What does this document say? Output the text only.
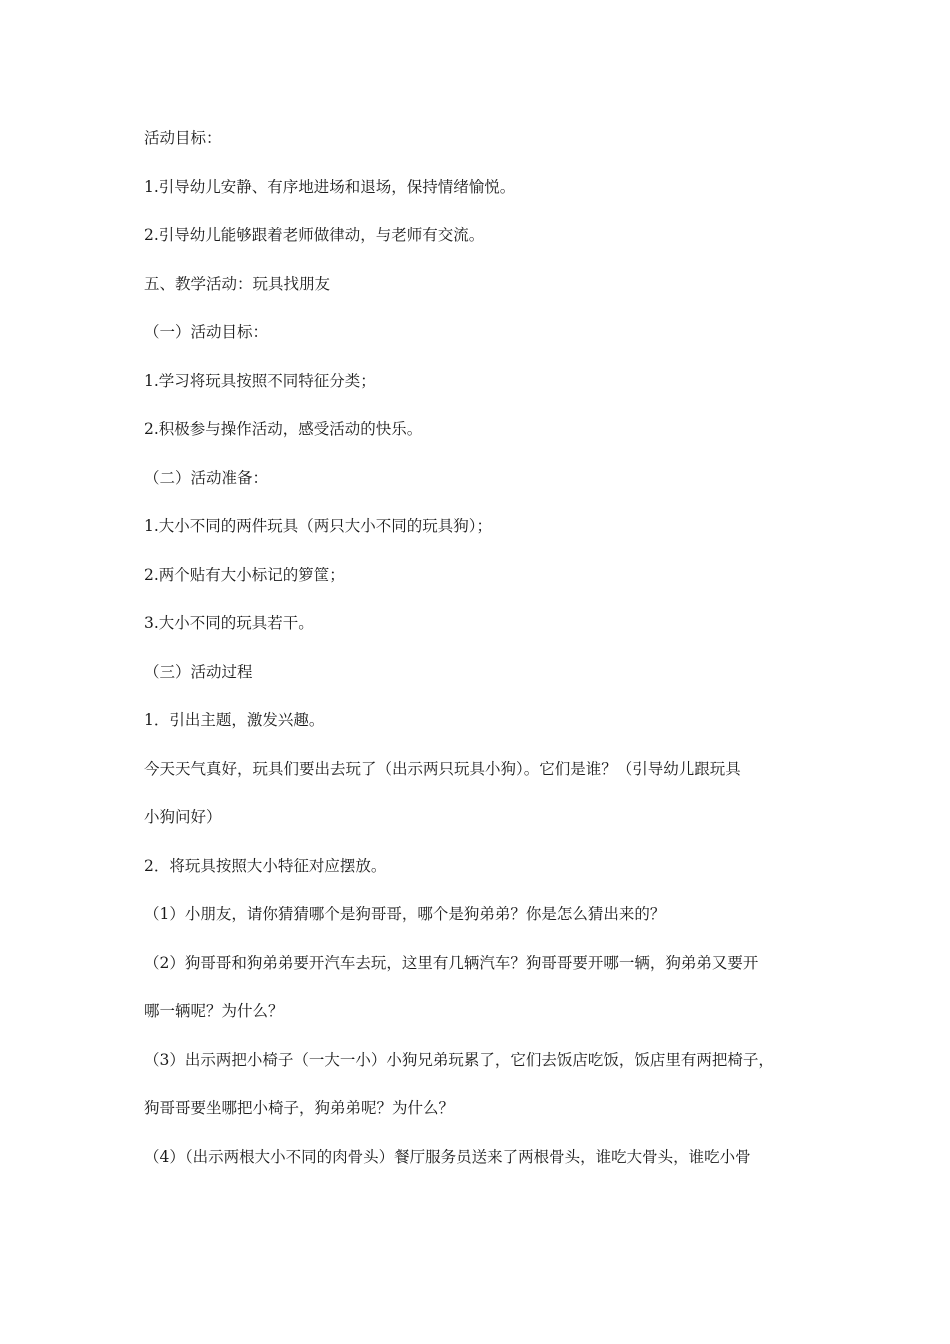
活动目标：
1.引导幼儿安静、有序地进场和退场，保持情绪愉悦。
2.引导幼儿能够跟着老师做律动，与老师有交流。
五、教学活动：玩具找朋友
（一）活动目标：
1.学习将玩具按照不同特征分类；
2.积极参与操作活动，感受活动的快乐。
（二）活动准备：
1.大小不同的两件玩具（两只大小不同的玩具狗）；
2.两个贴有大小标记的箩筐；
3.大小不同的玩具若干。
（三）活动过程
1．引出主题，激发兴趣。
今天天气真好，玩具们要出去玩了（出示两只玩具小狗）。它们是谁？（引导幼儿跟玩具
小狗问好）
2．将玩具按照大小特征对应摆放。
（1）小朋友，请你猜猜哪个是狗哥哥，哪个是狗弟弟？你是怎么猜出来的？
（2）狗哥哥和狗弟弟要开汽车去玩，这里有几辆汽车？狗哥哥要开哪一辆，狗弟弟又要开
哪一辆呢？为什么？
（3）出示两把小椅子（一大一小）小狗兄弟玩累了，它们去饭店吃饭，饭店里有两把椅子，
狗哥哥要坐哪把小椅子，狗弟弟呢？为什么？
（4）（出示两根大小不同的肉骨头）餐厅服务员送来了两根骨头，谁吃大骨头，谁吃小骨
